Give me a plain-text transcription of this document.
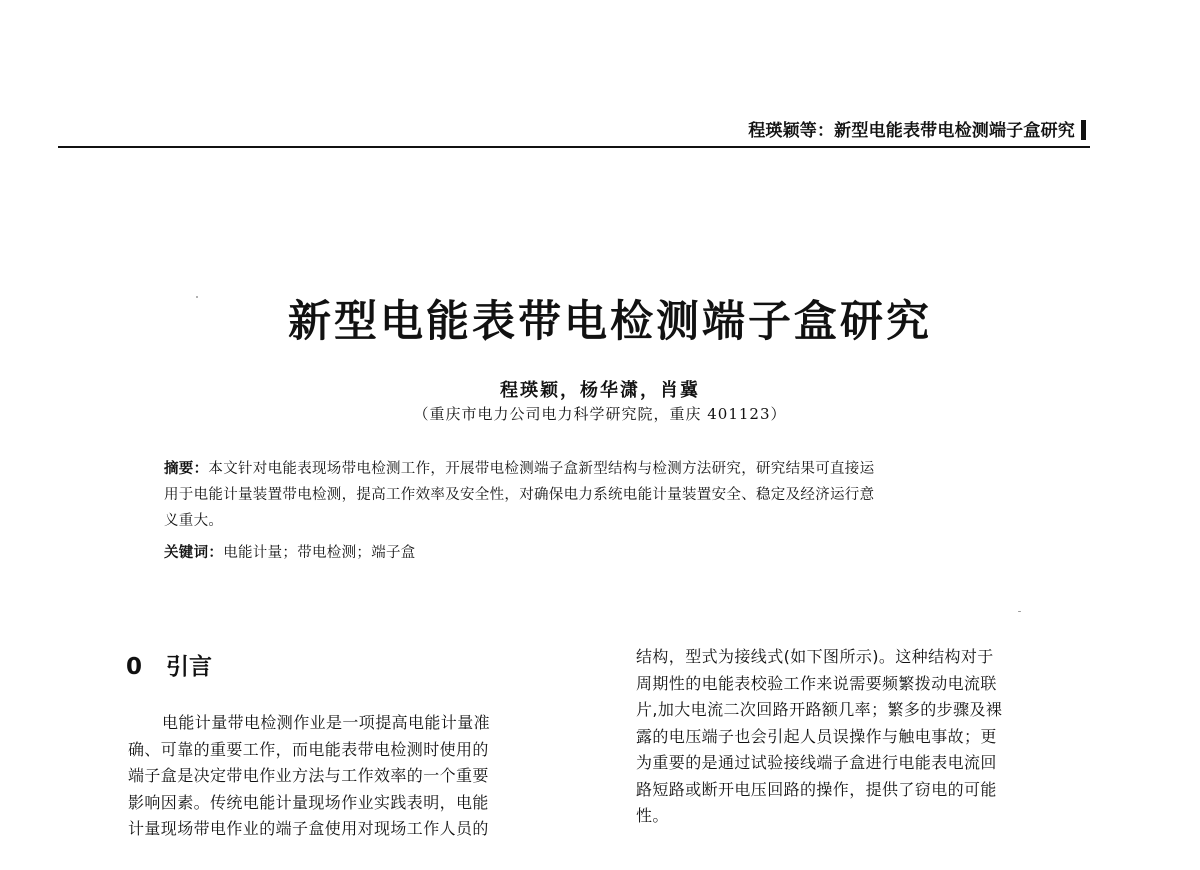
程瑛颖等：新型电能表带电检测端子盒研究
新型电能表带电检测端子盒研究
程瑛颖，杨华潇，肖冀
（重庆市电力公司电力科学研究院，重庆 401123）
摘要：本文针对电能表现场带电检测工作，开展带电检测端子盒新型结构与检测方法研究，研究结果可直接运
用于电能计量装置带电检测，提高工作效率及安全性，对确保电力系统电能计量装置安全、稳定及经济运行意
义重大。
关键词：电能计量；带电检测；端子盒
0 引言
电能计量带电检测作业是一项提高电能计量准
确、可靠的重要工作，而电能表带电检测时使用的
端子盒是决定带电作业方法与工作效率的一个重要
影响因素。传统电能计量现场作业实践表明，电能
计量现场带电作业的端子盒使用对现场工作人员的
结构，型式为接线式(如下图所示)。这种结构对于
周期性的电能表校验工作来说需要频繁拨动电流联
片,加大电流二次回路开路额几率；繁多的步骤及裸
露的电压端子也会引起人员误操作与触电事故；更
为重要的是通过试验接线端子盒进行电能表电流回
路短路或断开电压回路的操作，提供了窃电的可能
性。
